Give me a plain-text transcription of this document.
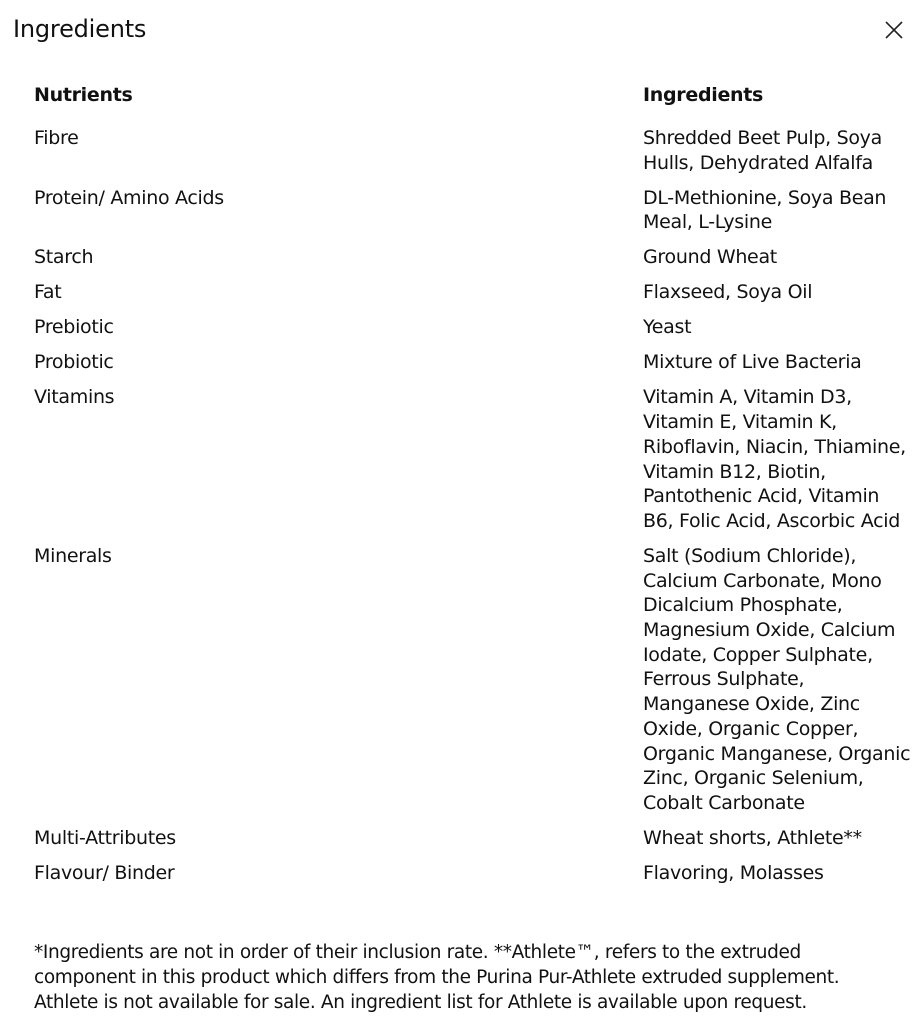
Ingredients
Nutrients	Ingredients
Fibre	Shredded Beet Pulp, Soya Hulls, Dehydrated Alfalfa
Protein/ Amino Acids	DL-Methionine, Soya Bean Meal, L-Lysine
Starch	Ground Wheat
Fat	Flaxseed, Soya Oil
Prebiotic	Yeast
Probiotic	Mixture of Live Bacteria
Vitamins	Vitamin A, Vitamin D3, Vitamin E, Vitamin K, Riboflavin, Niacin, Thiamine, Vitamin B12, Biotin, Pantothenic Acid, Vitamin B6, Folic Acid, Ascorbic Acid
Minerals	Salt (Sodium Chloride), Calcium Carbonate, Mono Dicalcium Phosphate, Magnesium Oxide, Calcium Iodate, Copper Sulphate, Ferrous Sulphate, Manganese Oxide, Zinc Oxide, Organic Copper, Organic Manganese, Organic Zinc, Organic Selenium, Cobalt Carbonate
Multi-Attributes	Wheat shorts, Athlete**
Flavour/ Binder	Flavoring, Molasses

*Ingredients are not in order of their inclusion rate. **Athlete™, refers to the extruded component in this product which differs from the Purina Pur-Athlete extruded supplement. Athlete is not available for sale. An ingredient list for Athlete is available upon request.
